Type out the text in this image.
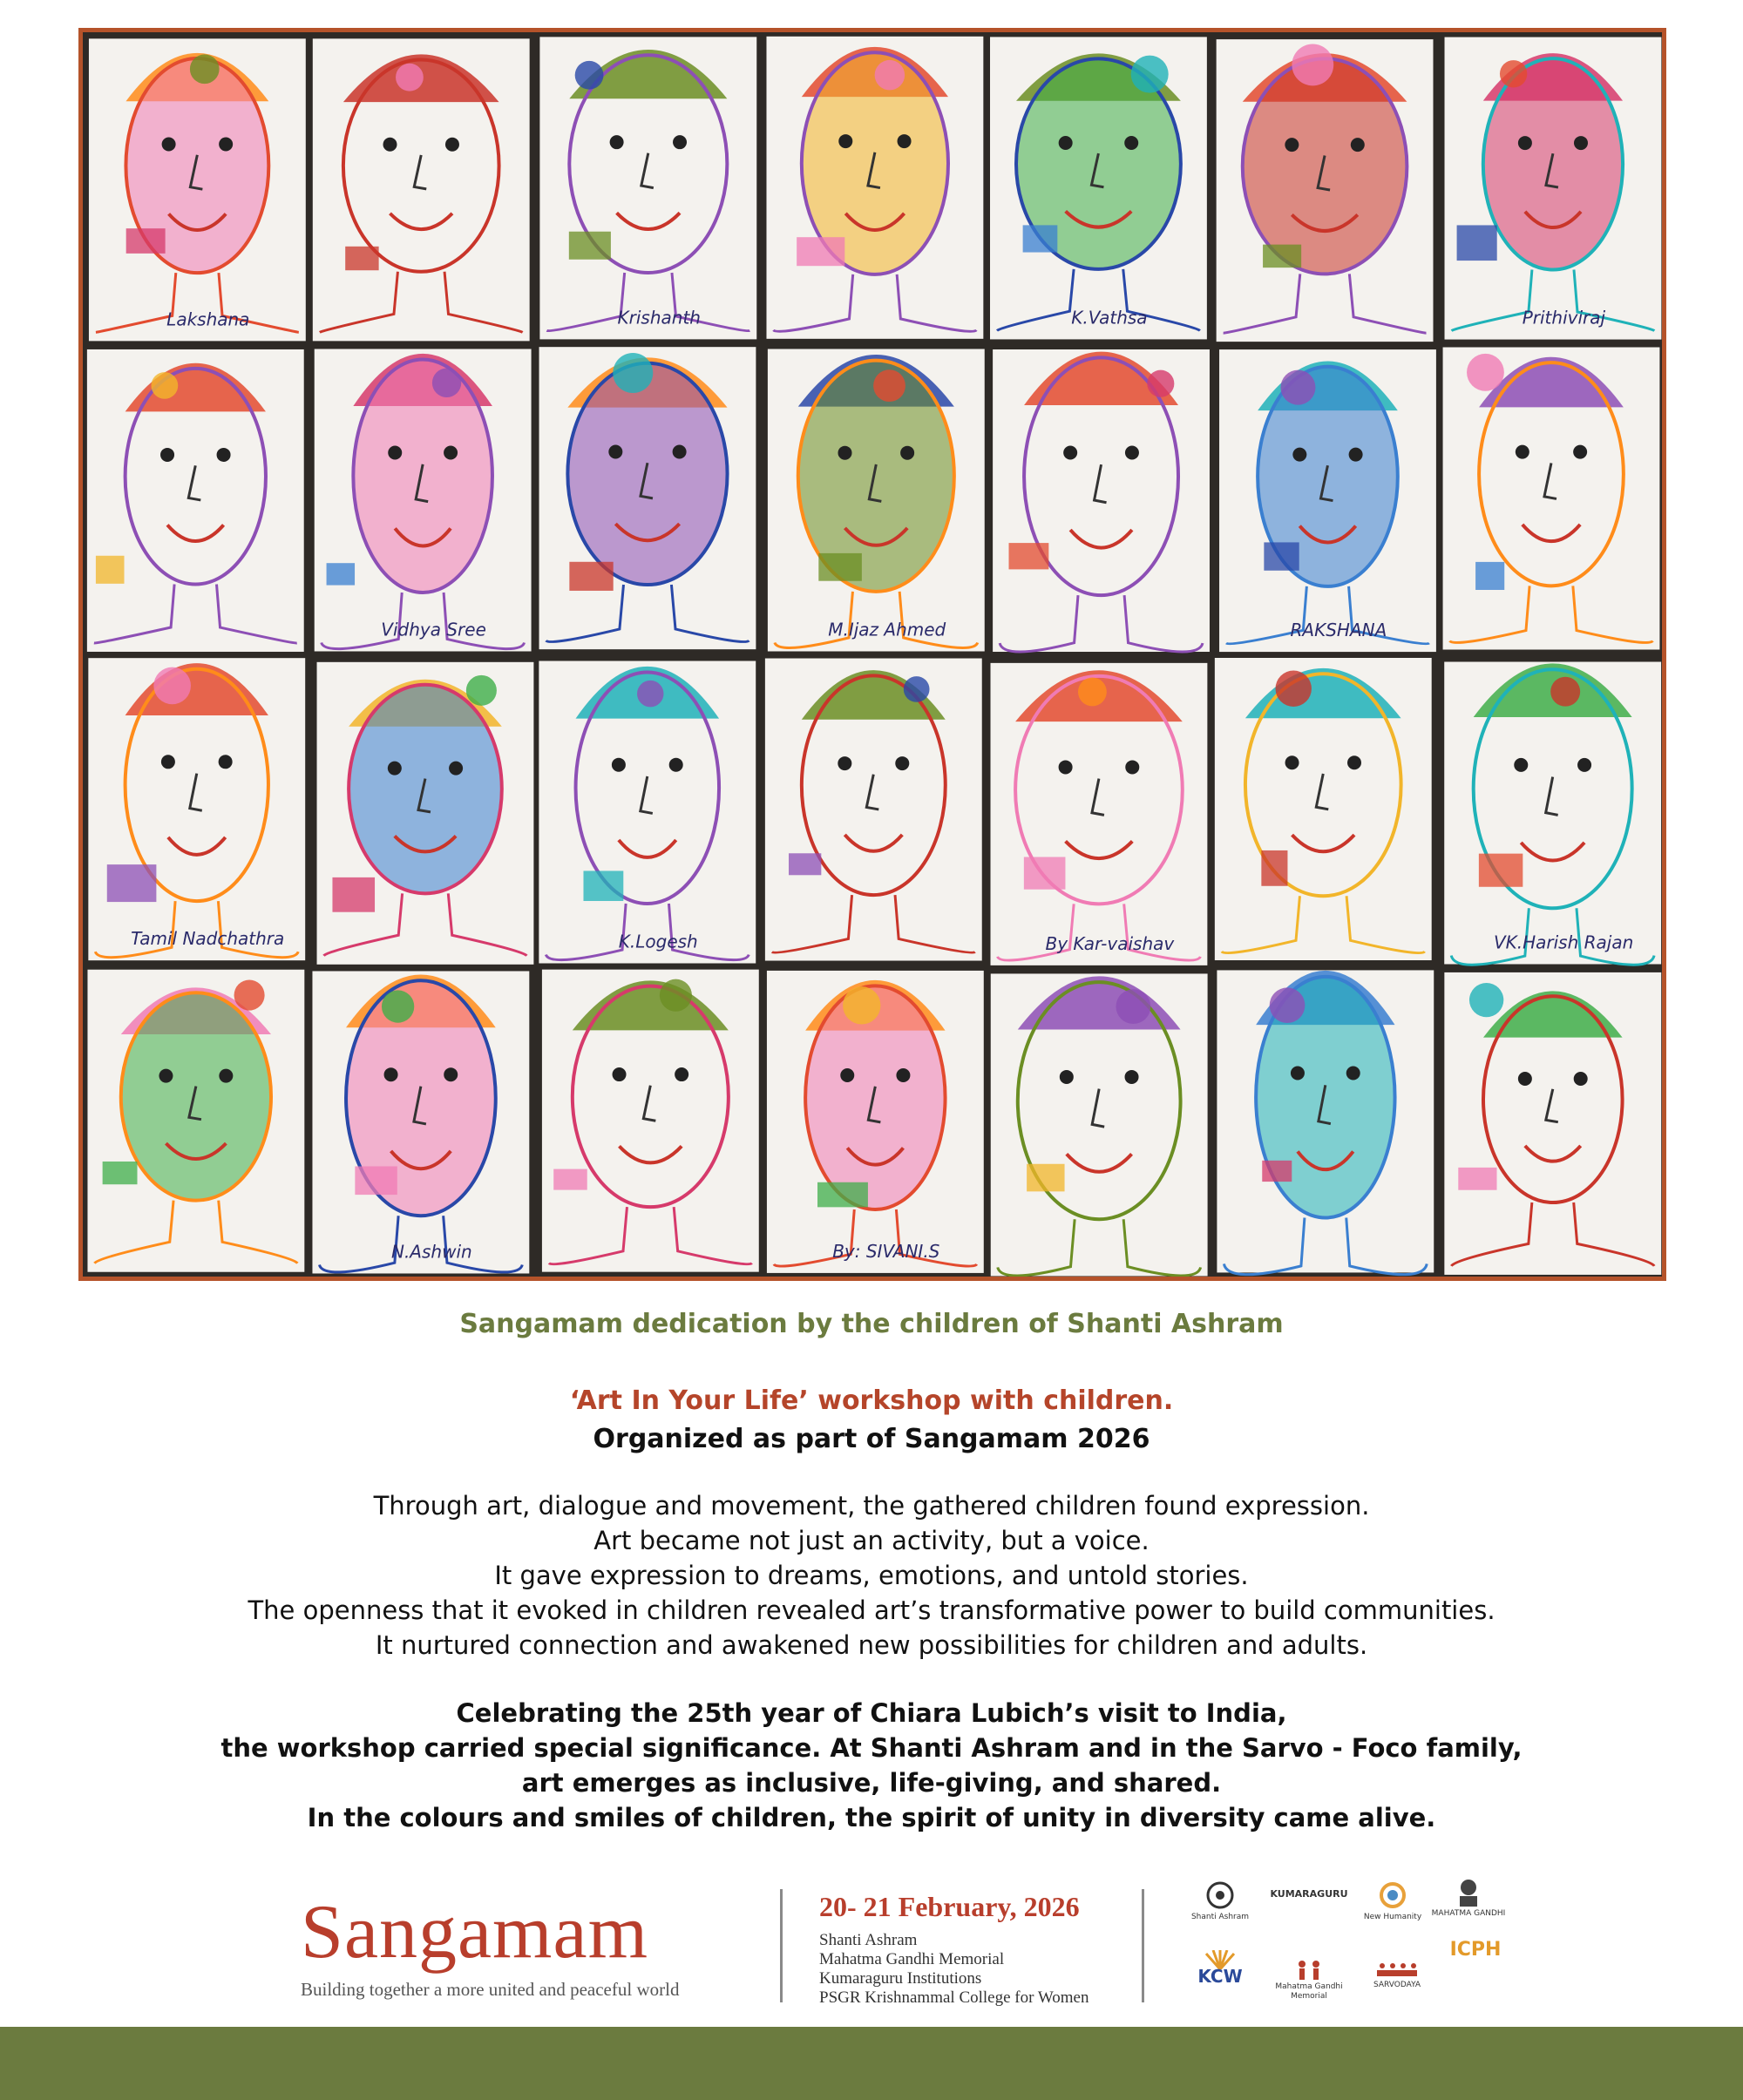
Lakshana	Krishanth	K.Vathsa	Prithiviraj
Vidhya Sree	M.Ijaz Ahmed	RAKSHANA
Tamil Nadchathra	K.Logesh	By Kar-vaishav	VK.Harish Rajan
N.Ashwin	By: SIVANI.S
Sangamam dedication by the children of Shanti Ashram
‘Art In Your Life’ workshop with children.
Organized as part of Sangamam 2026
Through art, dialogue and movement, the gathered children found expression.
Art became not just an activity, but a voice.
It gave expression to dreams, emotions, and untold stories.
The openness that it evoked in children revealed art’s transformative power to build communities.
It nurtured connection and awakened new possibilities for children and adults.
Celebrating the 25th year of Chiara Lubich’s visit to India,
the workshop carried special significance. At Shanti Ashram and in the Sarvo - Foco family,
art emerges as inclusive, life-giving, and shared.
In the colours and smiles of children, the spirit of unity in diversity came alive.
Sangamam
Building together a more united and peaceful world
20- 21 February, 2026
Shanti Ashram
Mahatma Gandhi Memorial
Kumaraguru Institutions
PSGR Krishnammal College for Women
Shanti Ashram
KUMARAGURU
New Humanity	MAHATMA GANDHI
KCW	Mahatma Gandhi Memorial
SARVODAYA
ICPH
